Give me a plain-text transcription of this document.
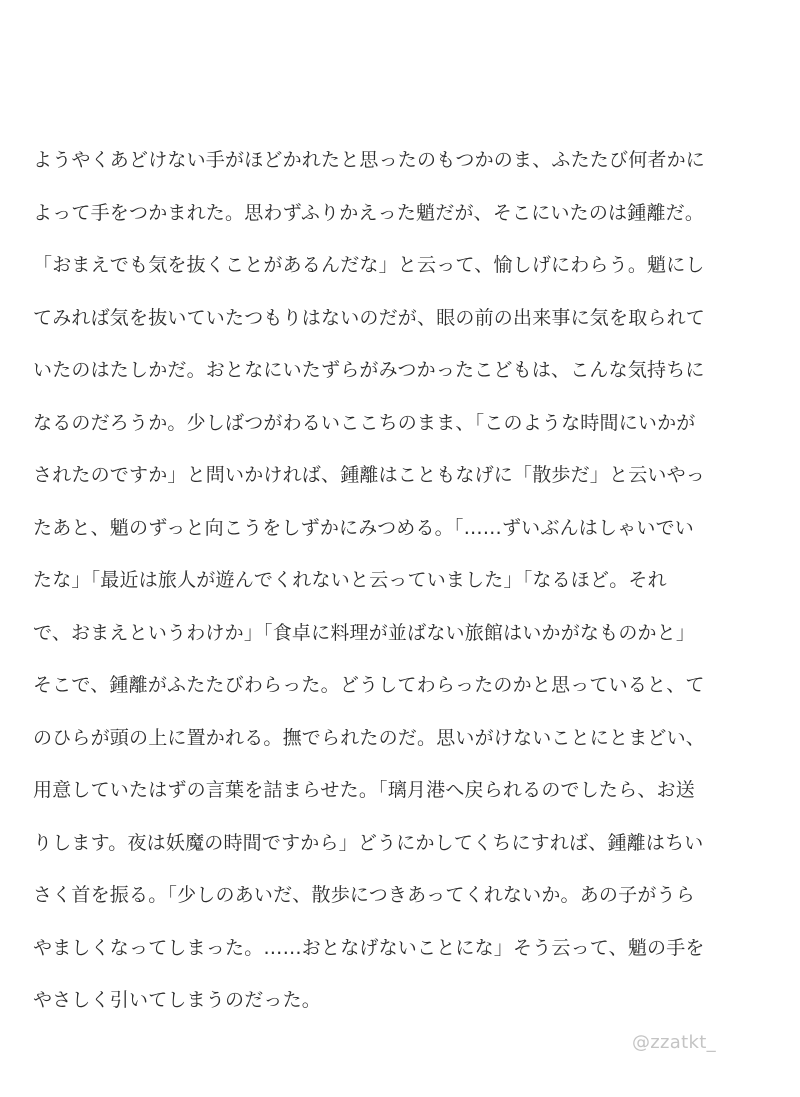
ようやくあどけない手がほどかれたと思ったのもつかのま、ふたたび何者かに
よって手をつかまれた。思わずふりかえった魈だが、そこにいたのは鍾離だ。
「おまえでも気を抜くことがあるんだな」と云って、愉しげにわらう。魈にし
てみれば気を抜いていたつもりはないのだが、眼の前の出来事に気を取られて
いたのはたしかだ。おとなにいたずらがみつかったこどもは、こんな気持ちに
なるのだろうか。少しばつがわるいここちのまま、「このような時間にいかが
されたのですか」と問いかければ、鍾離はこともなげに「散歩だ」と云いやっ
たあと、魈のずっと向こうをしずかにみつめる。「……ずいぶんはしゃいでい
たな」「最近は旅人が遊んでくれないと云っていました」「なるほど。それ
で、おまえというわけか」「食卓に料理が並ばない旅館はいかがなものかと」
そこで、鍾離がふたたびわらった。どうしてわらったのかと思っていると、て
のひらが頭の上に置かれる。撫でられたのだ。思いがけないことにとまどい、
用意していたはずの言葉を詰まらせた。「璃月港へ戻られるのでしたら、お送
りします。夜は妖魔の時間ですから」どうにかしてくちにすれば、鍾離はちい
さく首を振る。「少しのあいだ、散歩につきあってくれないか。あの子がうら
やましくなってしまった。……おとなげないことにな」そう云って、魈の手を
やさしく引いてしまうのだった。
@zzatkt_
